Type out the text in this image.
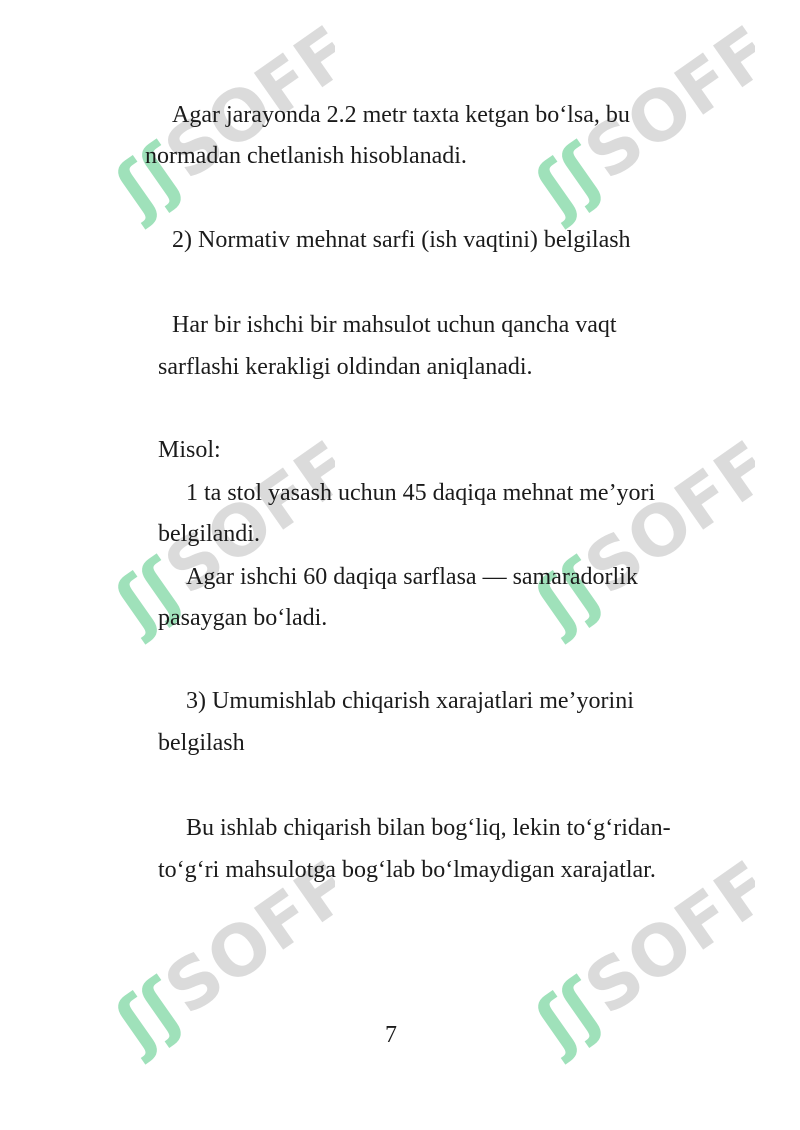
ʃʃ
SOFF ʃʃ
SOFF
ʃʃ
SOFF ʃʃ
SOFF
ʃʃ
SOFF ʃʃ
SOFF
Agar jarayonda 2.2 metr taxta ketgan bo‘lsa, bu
normadan chetlanish hisoblanadi.
2) Normativ mehnat sarfi (ish vaqtini) belgilash
Har bir ishchi bir mahsulot uchun qancha vaqt
sarflashi kerakligi oldindan aniqlanadi.
Misol:
1 ta stol yasash uchun 45 daqiqa mehnat me’yori
belgilandi.
Agar ishchi 60 daqiqa sarflasa — samaradorlik
pasaygan bo‘ladi.
3) Umumishlab chiqarish xarajatlari me’yorini
belgilash
Bu ishlab chiqarish bilan bog‘liq, lekin to‘g‘ridan-
to‘g‘ri mahsulotga bog‘lab bo‘lmaydigan xarajatlar.
7
